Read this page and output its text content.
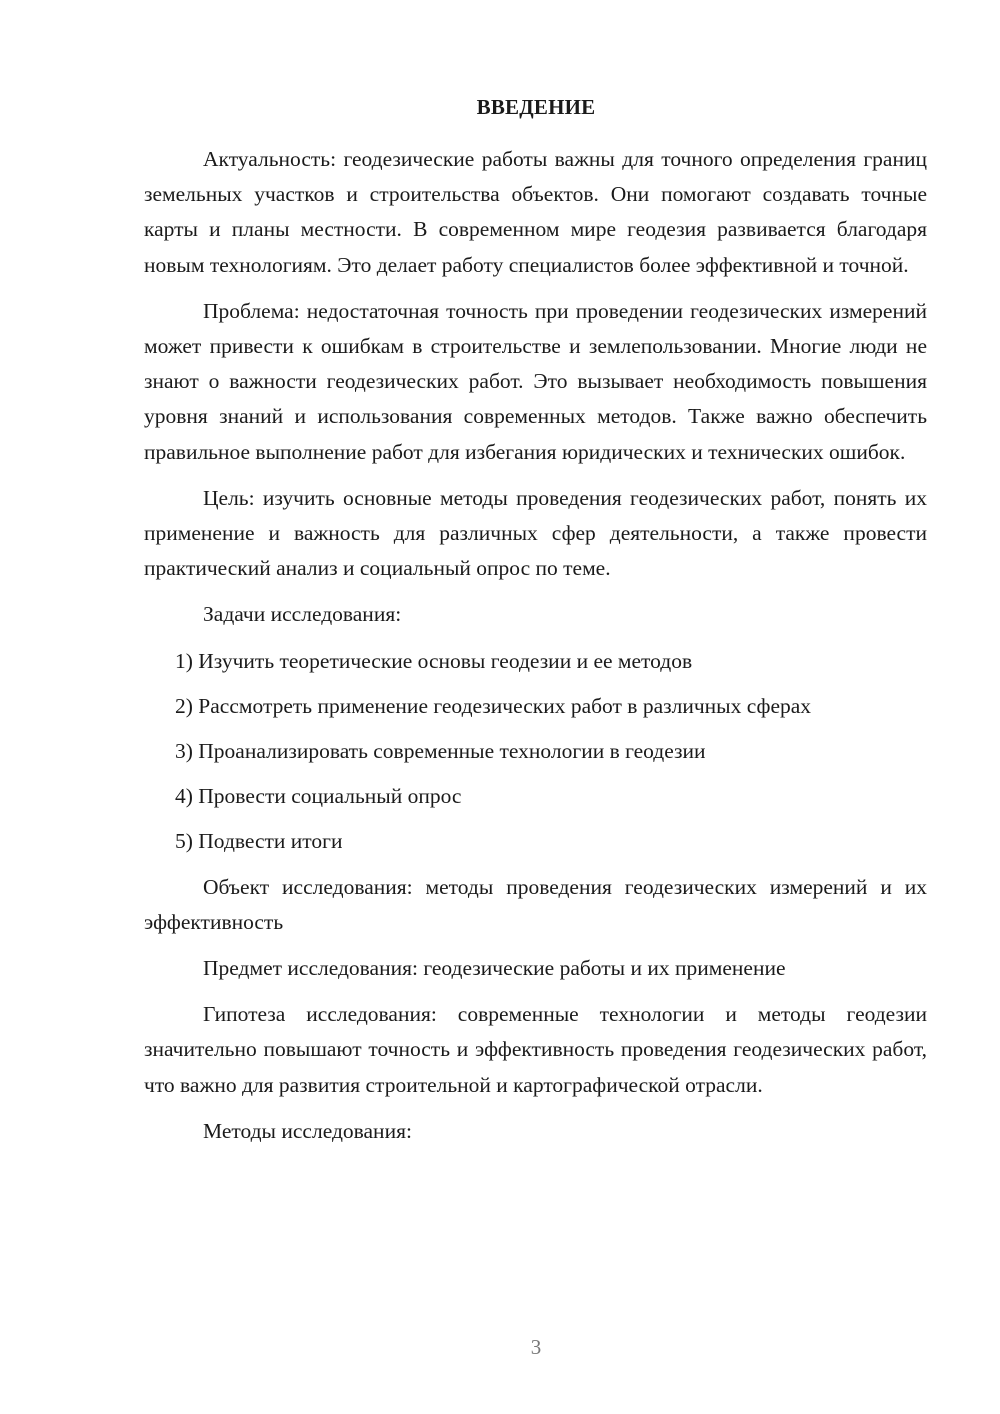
ВВЕДЕНИЕ

Актуальность: геодезические работы важны для точного определения границ земельных участков и строительства объектов. Они помогают создавать точные карты и планы местности. В современном мире геодезия развивается благодаря новым технологиям. Это делает работу специалистов более эффективной и точной.

Проблема: недостаточная точность при проведении геодезических измерений может привести к ошибкам в строительстве и землепользовании. Многие люди не знают о важности геодезических работ. Это вызывает необходимость повышения уровня знаний и использования современных методов. Также важно обеспечить правильное выполнение работ для избегания юридических и технических ошибок.

Цель: изучить основные методы проведения геодезических работ, понять их применение и важность для различных сфер деятельности, а также провести практический анализ и социальный опрос по теме.

Задачи исследования:

1) Изучить теоретические основы геодезии и ее методов
2) Рассмотреть применение геодезических работ в различных сферах
3) Проанализировать современные технологии в геодезии
4) Провести социальный опрос
5) Подвести итоги

Объект исследования: методы проведения геодезических измерений и их эффективность

Предмет исследования: геодезические работы и их применение

Гипотеза исследования: современные технологии и методы геодезии значительно повышают точность и эффективность проведения геодезических работ, что важно для развития строительной и картографической отрасли.

Методы исследования:

3
